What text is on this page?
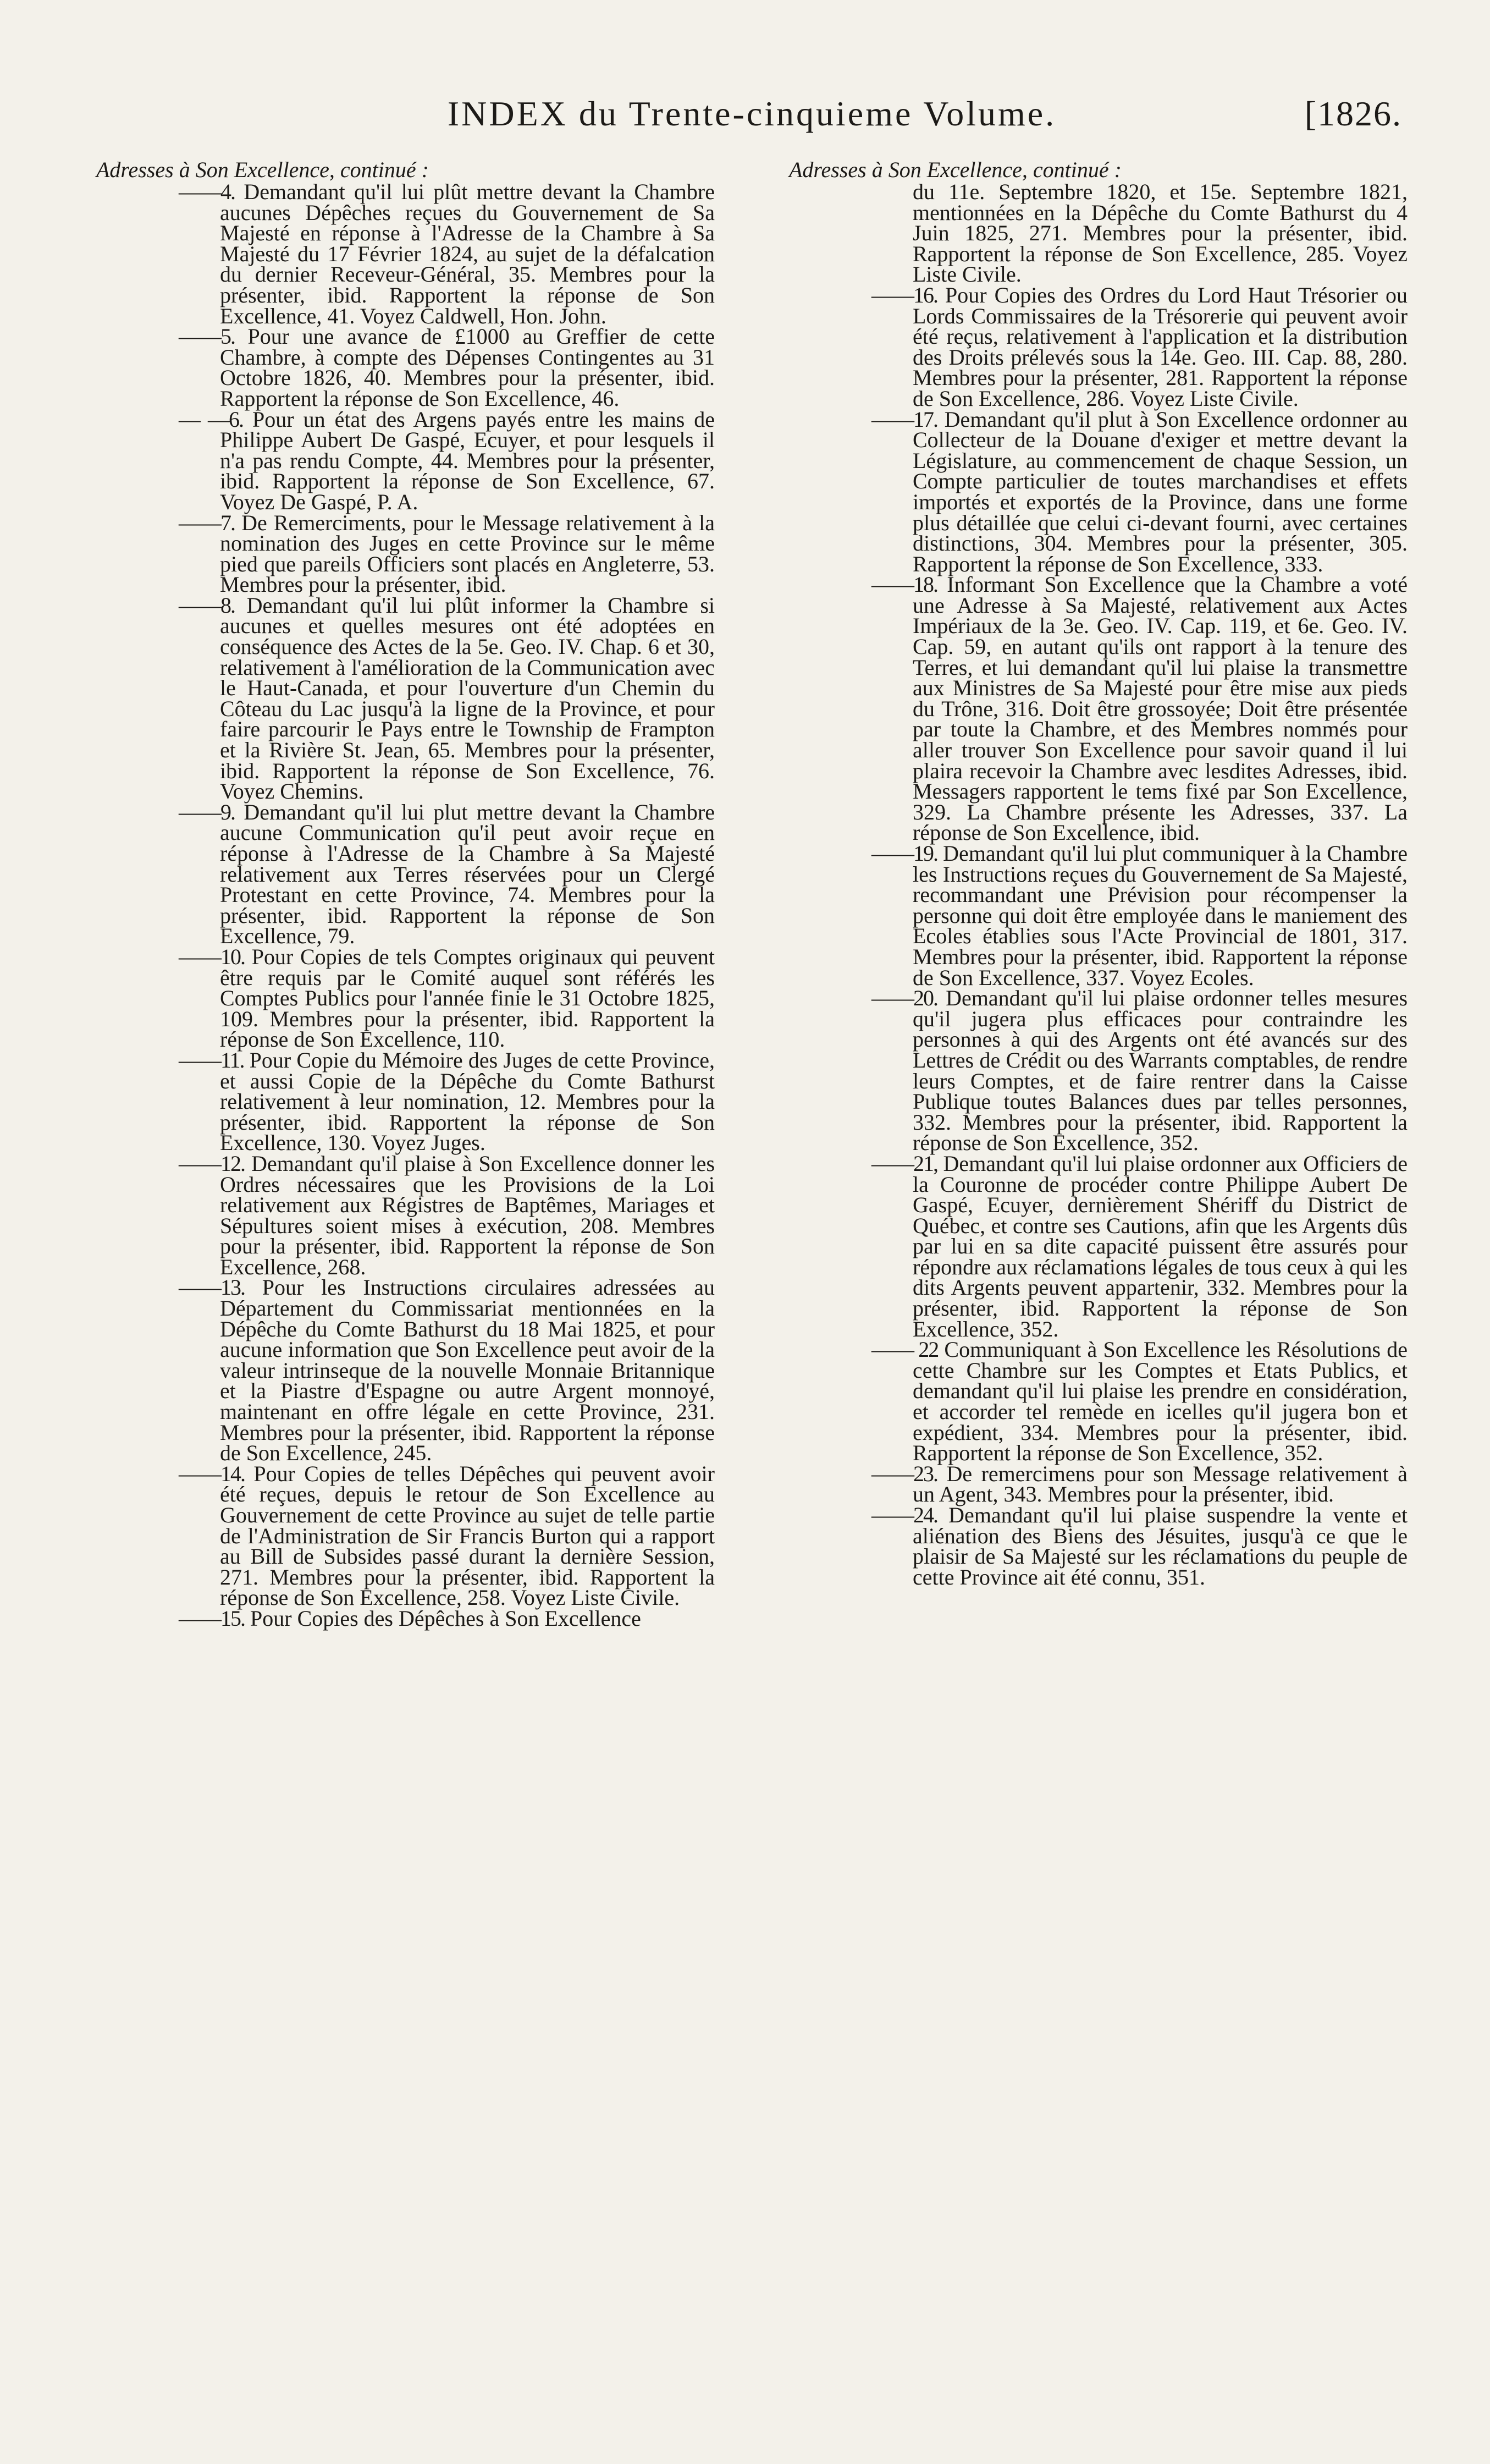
INDEX du Trente-cinquieme Volume.	[1826.
Adresses à Son Excellence, continué :

——4. Demandant qu'il lui plût mettre devant la Chambre aucunes Dépêches reçues du Gouvernement de Sa Majesté en réponse à l'Adresse de la Chambre à Sa Majesté du 17 Février 1824, au sujet de la défalcation du dernier Receveur-Général, 35. Membres pour la présenter, ibid. Rapportent la réponse de Son Excellence, 41. Voyez Caldwell, Hon. John.

——5. Pour une avance de £1000 au Greffier de cette Chambre, à compte des Dépenses Contingentes au 31 Octobre 1826, 40. Membres pour la présenter, ibid. Rapportent la réponse de Son Excellence, 46.

— —6. Pour un état des Argens payés entre les mains de Philippe Aubert De Gaspé, Ecuyer, et pour lesquels il n'a pas rendu Compte, 44. Membres pour la présenter, ibid. Rapportent la réponse de Son Excellence, 67. Voyez De Gaspé, P. A.

——7. De Remerciments, pour le Message relativement à la nomination des Juges en cette Province sur le même pied que pareils Officiers sont placés en Angleterre, 53. Membres pour la présenter, ibid.

——8. Demandant qu'il lui plût informer la Chambre si aucunes et quelles mesures ont été adoptées en conséquence des Actes de la 5e. Geo. IV. Chap. 6 et 30, relativement à l'amélioration de la Communication avec le Haut-Canada, et pour l'ouverture d'un Chemin du Côteau du Lac jusqu'à la ligne de la Province, et pour faire parcourir le Pays entre le Township de Frampton et la Rivière St. Jean, 65. Membres pour la présenter, ibid. Rapportent la réponse de Son Excellence, 76. Voyez Chemins.

——9. Demandant qu'il lui plut mettre devant la Chambre aucune Communication qu'il peut avoir reçue en réponse à l'Adresse de la Chambre à Sa Majesté relativement aux Terres réservées pour un Clergé Protestant en cette Province, 74. Membres pour la présenter, ibid. Rapportent la réponse de Son Excellence, 79.

——10. Pour Copies de tels Comptes originaux qui peuvent être requis par le Comité auquel sont référés les Comptes Publics pour l'année finie le 31 Octobre 1825, 109. Membres pour la présenter, ibid. Rapportent la réponse de Son Excellence, 110.

——11. Pour Copie du Mémoire des Juges de cette Province, et aussi Copie de la Dépêche du Comte Bathurst relativement à leur nomination, 12. Membres pour la présenter, ibid. Rapportent la réponse de Son Excellence, 130. Voyez Juges.

——12. Demandant qu'il plaise à Son Excellence donner les Ordres nécessaires que les Provisions de la Loi relativement aux Régistres de Baptêmes, Mariages et Sépultures soient mises à exécution, 208. Membres pour la présenter, ibid. Rapportent la réponse de Son Excellence, 268.

——13. Pour les Instructions circulaires adressées au Département du Commissariat mentionnées en la Dépêche du Comte Bathurst du 18 Mai 1825, et pour aucune information que Son Excellence peut avoir de la valeur intrinseque de la nouvelle Monnaie Britannique et la Piastre d'Espagne ou autre Argent monnoyé, maintenant en offre légale en cette Province, 231. Membres pour la présenter, ibid. Rapportent la réponse de Son Excellence, 245.

——14. Pour Copies de telles Dépêches qui peuvent avoir été reçues, depuis le retour de Son Excellence au Gouvernement de cette Province au sujet de telle partie de l'Administration de Sir Francis Burton qui a rapport au Bill de Subsides passé durant la dernière Session, 271. Membres pour la présenter, ibid. Rapportent la réponse de Son Excellence, 258. Voyez Liste Civile.

——15. Pour Copies des Dépêches à Son Excellence

Adresses à Son Excellence, continué :

du 11e. Septembre 1820, et 15e. Septembre 1821, mentionnées en la Dépêche du Comte Bathurst du 4 Juin 1825, 271. Membres pour la présenter, ibid. Rapportent la réponse de Son Excellence, 285. Voyez Liste Civile.

——16. Pour Copies des Ordres du Lord Haut Trésorier ou Lords Commissaires de la Trésorerie qui peuvent avoir été reçus, relativement à l'application et la distribution des Droits prélevés sous la 14e. Geo. III. Cap. 88, 280. Membres pour la présenter, 281. Rapportent la réponse de Son Excellence, 286. Voyez Liste Civile.

——17. Demandant qu'il plut à Son Excellence ordonner au Collecteur de la Douane d'exiger et mettre devant la Législature, au commencement de chaque Session, un Compte particulier de toutes marchandises et effets importés et exportés de la Province, dans une forme plus détaillée que celui ci-devant fourni, avec certaines distinctions, 304. Membres pour la présenter, 305. Rapportent la réponse de Son Excellence, 333.

——18. Informant Son Excellence que la Chambre a voté une Adresse à Sa Majesté, relativement aux Actes Impériaux de la 3e. Geo. IV. Cap. 119, et 6e. Geo. IV. Cap. 59, en autant qu'ils ont rapport à la tenure des Terres, et lui demandant qu'il lui plaise la transmettre aux Ministres de Sa Majesté pour être mise aux pieds du Trône, 316. Doit être grossoyée; Doit être présentée par toute la Chambre, et des Membres nommés pour aller trouver Son Excellence pour savoir quand il lui plaira recevoir la Chambre avec lesdites Adresses, ibid. Messagers rapportent le tems fixé par Son Excellence, 329. La Chambre présente les Adresses, 337. La réponse de Son Excellence, ibid.

——19. Demandant qu'il lui plut communiquer à la Chambre les Instructions reçues du Gouvernement de Sa Majesté, recommandant une Prévision pour récompenser la personne qui doit être employée dans le maniement des Ecoles établies sous l'Acte Provincial de 1801, 317. Membres pour la présenter, ibid. Rapportent la réponse de Son Excellence, 337. Voyez Ecoles.

——20. Demandant qu'il lui plaise ordonner telles mesures qu'il jugera plus efficaces pour contraindre les personnes à qui des Argents ont été avancés sur des Lettres de Crédit ou des Warrants comptables, de rendre leurs Comptes, et de faire rentrer dans la Caisse Publique toutes Balances dues par telles personnes, 332. Membres pour la présenter, ibid. Rapportent la réponse de Son Excellence, 352.

——21, Demandant qu'il lui plaise ordonner aux Officiers de la Couronne de procéder contre Philippe Aubert De Gaspé, Ecuyer, dernièrement Shériff du District de Québec, et contre ses Cautions, afin que les Argents dûs par lui en sa dite capacité puissent être assurés pour répondre aux réclamations légales de tous ceux à qui les dits Argents peuvent appartenir, 332. Membres pour la présenter, ibid. Rapportent la réponse de Son Excellence, 352.

—— 22 Communiquant à Son Excellence les Résolutions de cette Chambre sur les Comptes et Etats Publics, et demandant qu'il lui plaise les prendre en considération, et accorder tel remède en icelles qu'il jugera bon et expédient, 334. Membres pour la présenter, ibid. Rapportent la réponse de Son Excellence, 352.

——23. De remercimens pour son Message relativement à un Agent, 343. Membres pour la présenter, ibid.

——24. Demandant qu'il lui plaise suspendre la vente et aliénation des Biens des Jésuites, jusqu'à ce que le plaisir de Sa Majesté sur les réclamations du peuple de cette Province ait été connu, 351.
